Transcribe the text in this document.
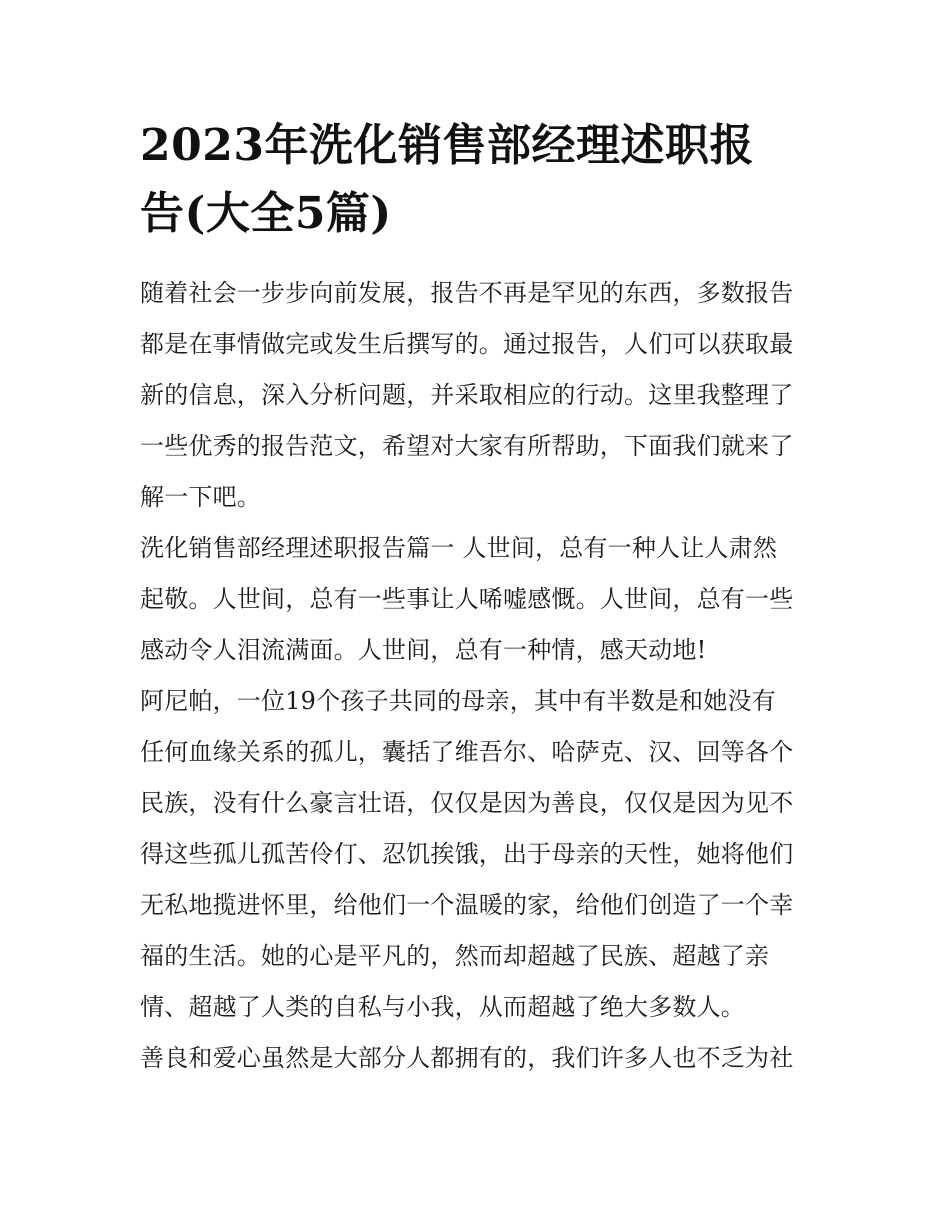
2023年洗化销售部经理述职报
告(大全5篇)

随着社会一步步向前发展，报告不再是罕见的东西，多数报告
都是在事情做完或发生后撰写的。通过报告，人们可以获取最
新的信息，深入分析问题，并采取相应的行动。这里我整理了
一些优秀的报告范文，希望对大家有所帮助，下面我们就来了
解一下吧。

洗化销售部经理述职报告篇一 人世间，总有一种人让人肃然
起敬。人世间，总有一些事让人唏嘘感慨。人世间，总有一些
感动令人泪流满面。人世间，总有一种情，感天动地!

阿尼帕，一位19个孩子共同的母亲，其中有半数是和她没有
任何血缘关系的孤儿，囊括了维吾尔、哈萨克、汉、回等各个
民族，没有什么豪言壮语，仅仅是因为善良，仅仅是因为见不
得这些孤儿孤苦伶仃、忍饥挨饿，出于母亲的天性，她将他们
无私地揽进怀里，给他们一个温暖的家，给他们创造了一个幸
福的生活。她的心是平凡的，然而却超越了民族、超越了亲
情、超越了人类的自私与小我，从而超越了绝大多数人。

善良和爱心虽然是大部分人都拥有的，我们许多人也不乏为社
